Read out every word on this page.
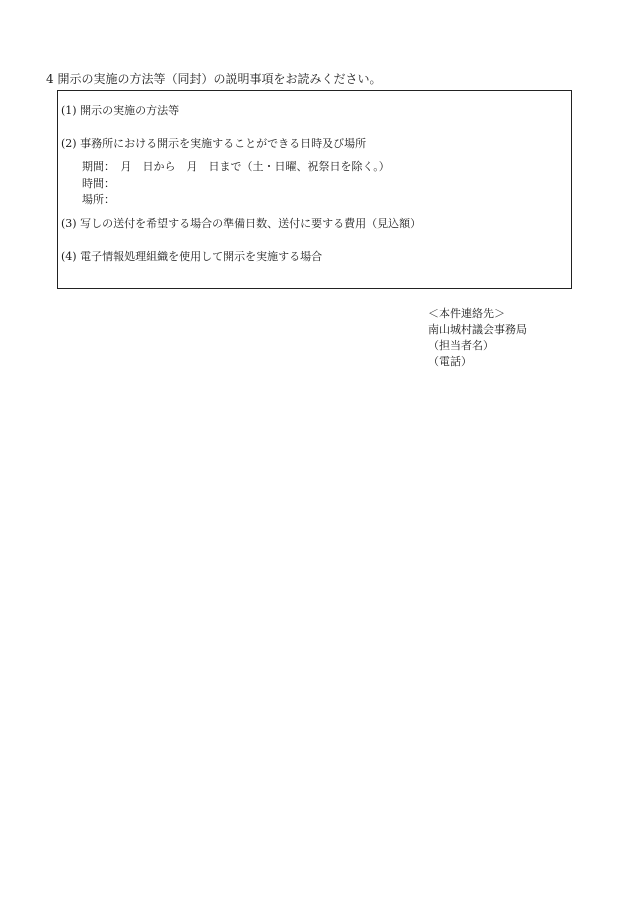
4 開示の実施の方法等（同封）の説明事項をお読みください。
(1) 開示の実施の方法等
(2) 事務所における開示を実施することができる日時及び場所
期間：　月　日から　月　日まで（土・日曜、祝祭日を除く。）
時間：
場所：
(3) 写しの送付を希望する場合の準備日数、送付に要する費用（見込額）
(4) 電子情報処理組織を使用して開示を実施する場合
＜本件連絡先＞
南山城村議会事務局
（担当者名）
（電話）
